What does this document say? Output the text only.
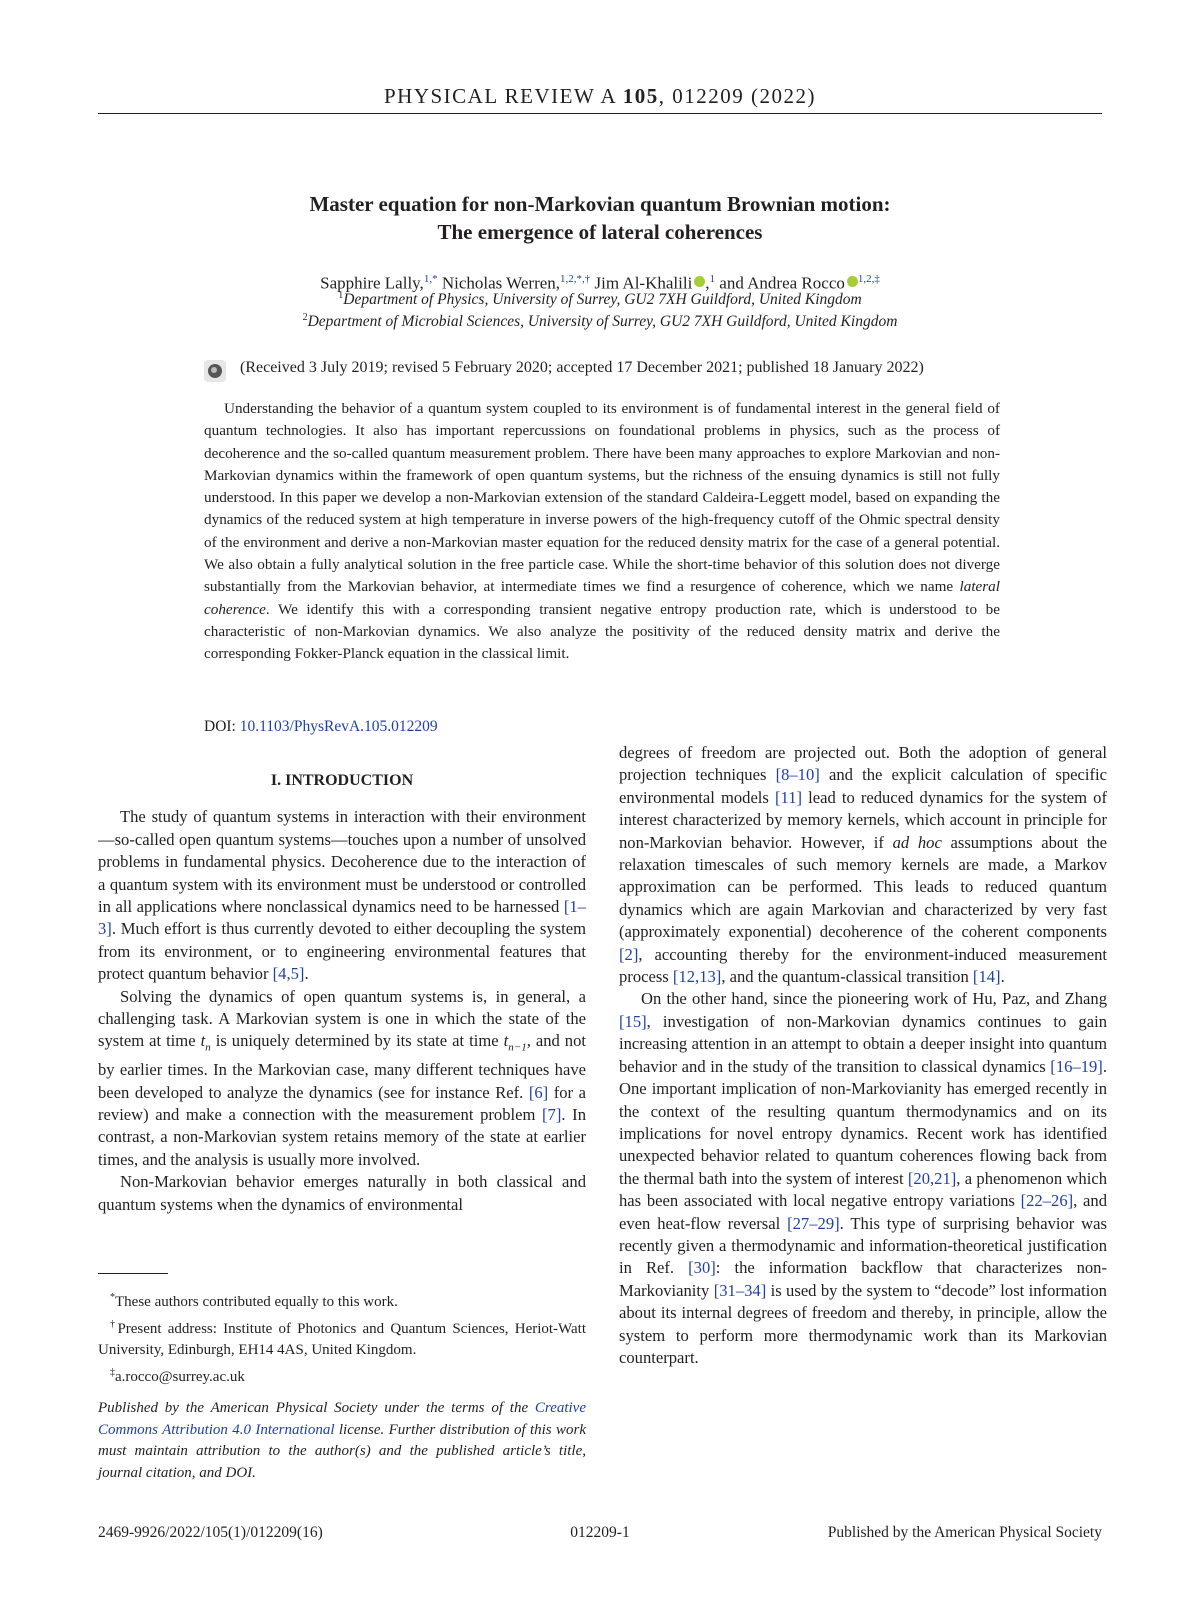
PHYSICAL REVIEW A 105, 012209 (2022)
Master equation for non-Markovian quantum Brownian motion:
The emergence of lateral coherences
Sapphire Lally,$^{1,*}$ Nicholas Werren,$^{1,2,*,\dagger}$ Jim Al-Khalili ,$^1$ and Andrea Rocco $^{1,2,\ddagger}$
$^1$Department of Physics, University of Surrey, GU2 7XH Guildford, United Kingdom
$^2$Department of Microbial Sciences, University of Surrey, GU2 7XH Guildford, United Kingdom
(Received 3 July 2019; revised 5 February 2020; accepted 17 December 2021; published 18 January 2022)

Understanding the behavior of a quantum system coupled to its environment is of fundamental interest in the general field of quantum technologies. It also has important repercussions on foundational problems in physics, such as the process of decoherence and the so-called quantum measurement problem. There have been many approaches to explore Markovian and non-Markovian dynamics within the framework of open quantum systems, but the richness of the ensuing dynamics is still not fully understood. In this paper we develop a non-Markovian extension of the standard Caldeira-Leggett model, based on expanding the dynamics of the reduced system at high temperature in inverse powers of the high-frequency cutoff of the Ohmic spectral density of the environment and derive a non-Markovian master equation for the reduced density matrix for the case of a general potential. We also obtain a fully analytical solution in the free particle case. While the short-time behavior of this solution does not diverge substantially from the Markovian behavior, at intermediate times we find a resurgence of coherence, which we name lateral coherence. We identify this with a corresponding transient negative entropy production rate, which is understood to be characteristic of non-Markovian dynamics. We also analyze the positivity of the reduced density matrix and derive the corresponding Fokker-Planck equation in the classical limit.

DOI: 10.1103/PhysRevA.105.012209
I. INTRODUCTION

The study of quantum systems in interaction with their environment—so-called open quantum systems—touches upon a number of unsolved problems in fundamental physics. Decoherence due to the interaction of a quantum system with its environment must be understood or controlled in all applications where nonclassical dynamics need to be harnessed [1–3]. Much effort is thus currently devoted to either decoupling the system from its environment, or to engineering environmental features that protect quantum behavior [4,5].

Solving the dynamics of open quantum systems is, in general, a challenging task. A Markovian system is one in which the state of the system at time $t_n$ is uniquely determined by its state at time $t_{n-1}$, and not by earlier times. In the Markovian case, many different techniques have been developed to analyze the dynamics (see for instance Ref. [6] for a review) and make a connection with the measurement problem [7]. In contrast, a non-Markovian system retains memory of the state at earlier times, and the analysis is usually more involved.

Non-Markovian behavior emerges naturally in both classical and quantum systems when the dynamics of environmental

*These authors contributed equally to this work.

†Present address: Institute of Photonics and Quantum Sciences, Heriot-Watt University, Edinburgh, EH14 4AS, United Kingdom.

‡a.rocco@surrey.ac.uk

Published by the American Physical Society under the terms of the Creative Commons Attribution 4.0 International license. Further distribution of this work must maintain attribution to the author(s) and the published article’s title, journal citation, and DOI.

degrees of freedom are projected out. Both the adoption of general projection techniques [8–10] and the explicit calculation of specific environmental models [11] lead to reduced dynamics for the system of interest characterized by memory kernels, which account in principle for non-Markovian behavior. However, if ad hoc assumptions about the relaxation timescales of such memory kernels are made, a Markov approximation can be performed. This leads to reduced quantum dynamics which are again Markovian and characterized by very fast (approximately exponential) decoherence of the coherent components [2], accounting thereby for the environment-induced measurement process [12,13], and the quantum-classical transition [14].

On the other hand, since the pioneering work of Hu, Paz, and Zhang [15], investigation of non-Markovian dynamics continues to gain increasing attention in an attempt to obtain a deeper insight into quantum behavior and in the study of the transition to classical dynamics [16–19]. One important implication of non-Markovianity has emerged recently in the context of the resulting quantum thermodynamics and on its implications for novel entropy dynamics. Recent work has identified unexpected behavior related to quantum coherences flowing back from the thermal bath into the system of interest [20,21], a phenomenon which has been associated with local negative entropy variations [22–26], and even heat-flow reversal [27–29]. This type of surprising behavior was recently given a thermodynamic and information-theoretical justification in Ref. [30]: the information backflow that characterizes non-Markovianity [31–34] is used by the system to “decode” lost information about its internal degrees of freedom and thereby, in principle, allow the system to perform more thermodynamic work than its Markovian counterpart.

2469-9926/2022/105(1)/012209(16)	012209-1	Published by the American Physical Society
